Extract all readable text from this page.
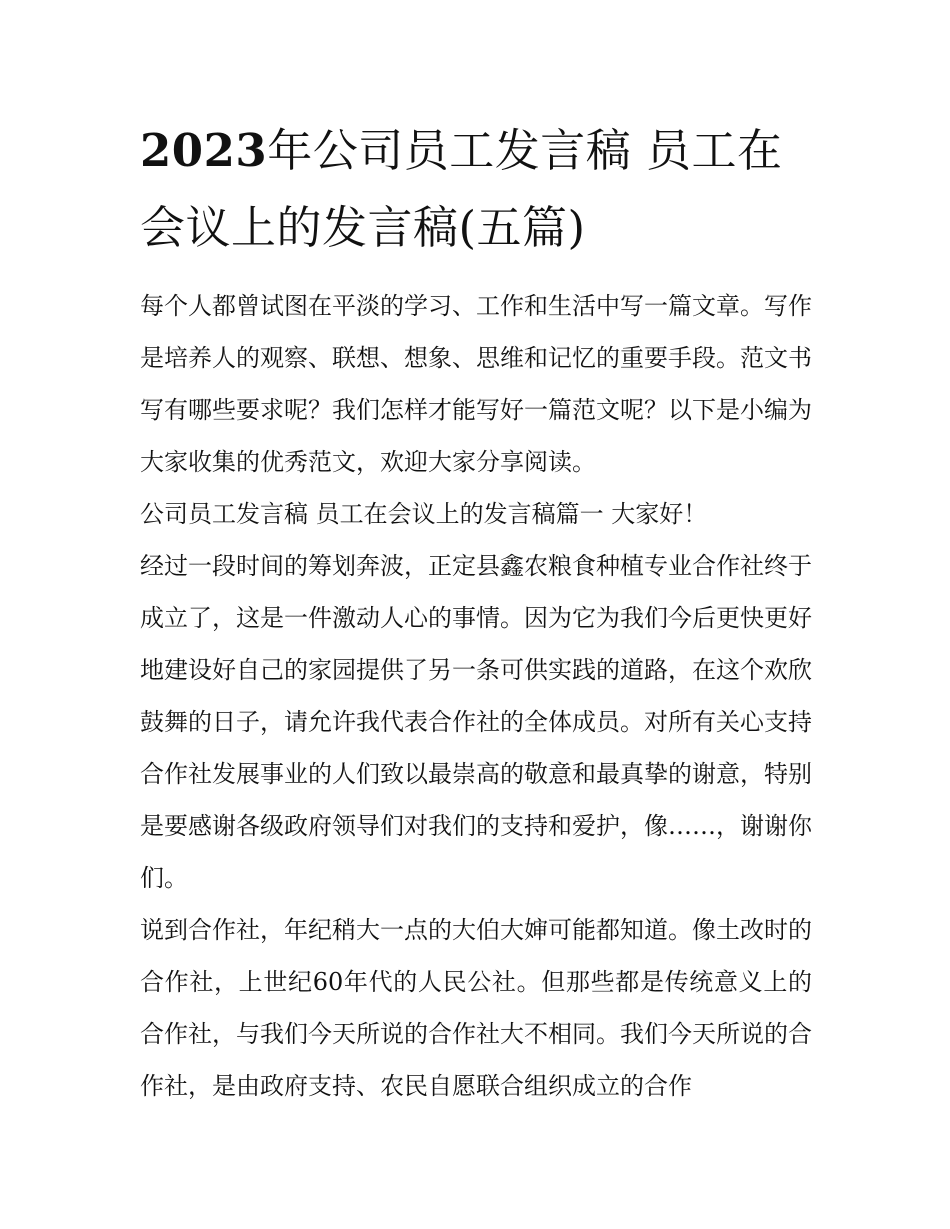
2023年公司员工发言稿 员工在会议上的发言稿(五篇)

每个人都曾试图在平淡的学习、工作和生活中写一篇文章。写作是培养人的观察、联想、想象、思维和记忆的重要手段。范文书写有哪些要求呢？我们怎样才能写好一篇范文呢？以下是小编为大家收集的优秀范文，欢迎大家分享阅读。

公司员工发言稿 员工在会议上的发言稿篇一 大家好！

经过一段时间的筹划奔波，正定县鑫农粮食种植专业合作社终于成立了，这是一件激动人心的事情。因为它为我们今后更快更好地建设好自己的家园提供了另一条可供实践的道路，在这个欢欣鼓舞的日子，请允许我代表合作社的全体成员。对所有关心支持合作社发展事业的人们致以最崇高的敬意和最真挚的谢意，特别是要感谢各级政府领导们对我们的支持和爱护，像……，谢谢你们。

说到合作社，年纪稍大一点的大伯大婶可能都知道。像土改时的合作社，上世纪60年代的人民公社。但那些都是传统意义上的合作社，与我们今天所说的合作社大不相同。我们今天所说的合作社，是由政府支持、农民自愿联合组织成立的合作
